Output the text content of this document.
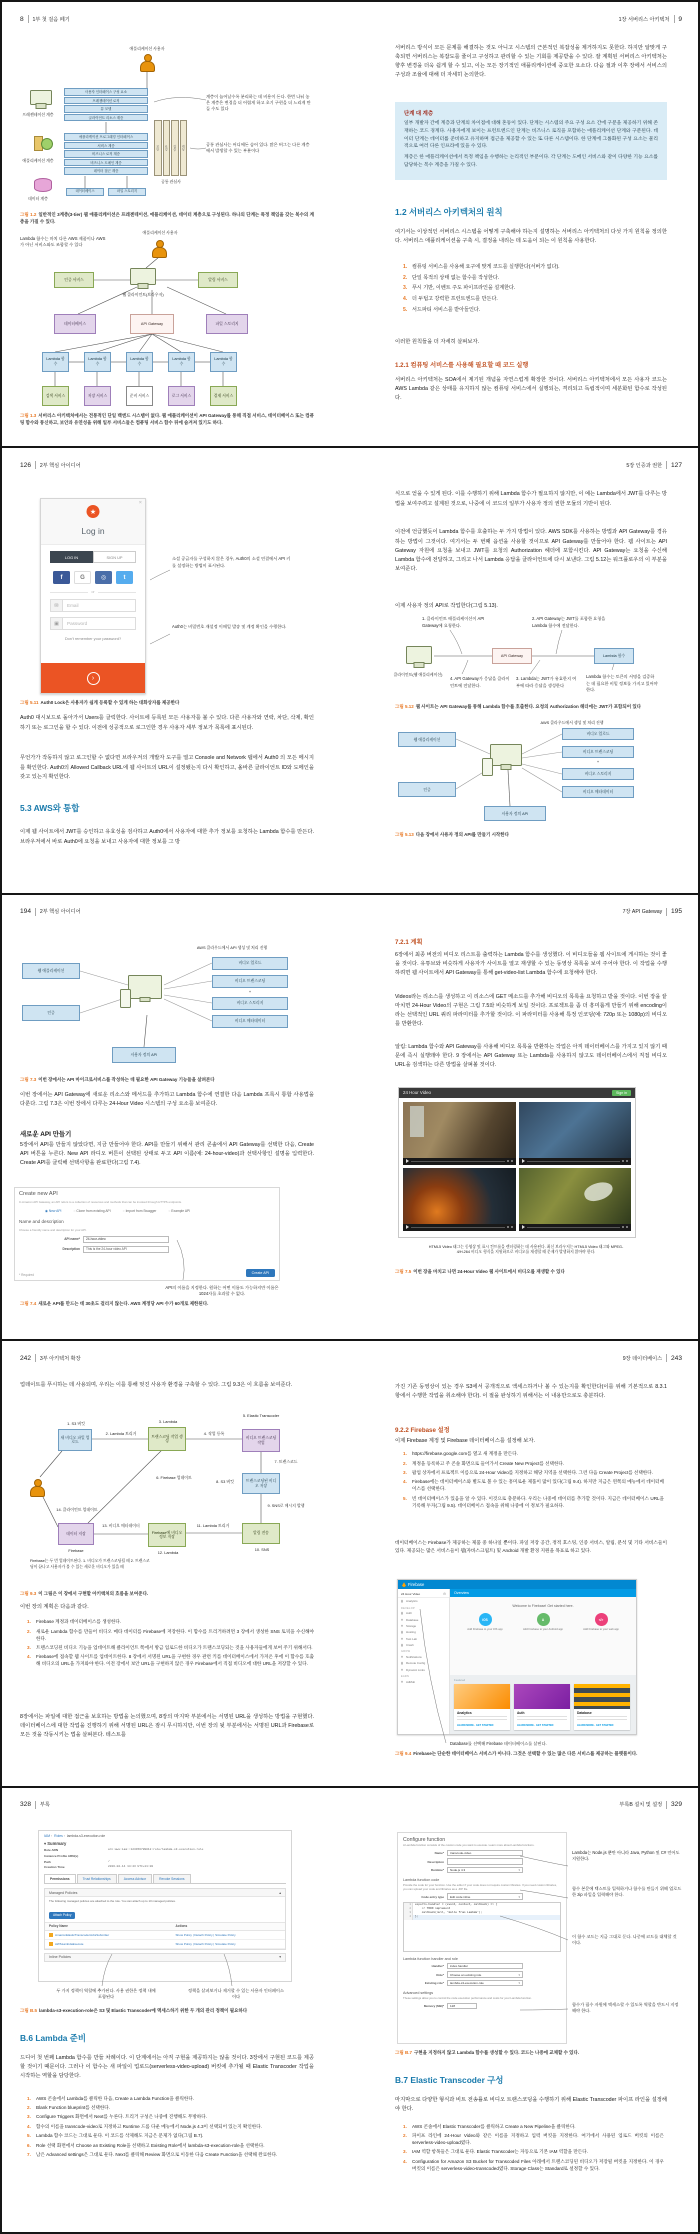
8 1부 첫 걸음 떼기
애플리케이션 사용자
프레젠테이션 계층
사용자 인터페이스 구성 요소
프레젠테이션 로직
뷰 모델
클라이언트 리소스 계층
애플리케이션 계층
애플리케이션 프로그래밍 인터페이스
서비스 계층
비즈니스 로직 계층
비즈니스 도메인 계층
데이터 접근 계층
보안	로깅	검증	캐싱
공통 관심사
데이터 계층
데이터베이스	파일 스토리지
계층이 늘어날수록 분리하는 데 비용이 든다. 한번 나눠 놓은 계층은 변경을 더 어렵게 하고 초기 구현을 더 느리게 만들 수도 있다
공통 관심사는 어디에든 숨어 있다. 많은 버그는 다른 계층에서 발생할 수 있는 부분이다
그림 1.2 일반적인 3계층(3-tier) 웹 애플리케이션은 프레젠테이션, 애플리케이션, 데이터 계층으로 구성된다. 하나의 단계는 특정 책임을 갖는 복수의 계층을 가질 수 있다.
Lambda 함수는 마치 다른 AWS 제품이나 AWS가 아닌 서비스와도 조합할 수 있다
애플리케이션 사용자
인증 서비스
웹 클라이언트(브라우저)
알림 서비스
데이터베이스	API Gateway	파일 스토리지
Lambda 함수
Lambda 함수
Lambda 함수
Lambda 함수
Lambda 함수
검색 서비스	저장 서비스	준비 서비스	로그 서비스	결제 서비스
그림 1.3 서버리스 아키텍처에서는 전통적인 단일 백엔드 시스템이 없다. 웹 애플리케이션이 API Gateway를 통해 직접 서비스, 데이터베이스 또는 컴퓨팅 함수와 통신하고, 보안과 유연성을 위해 일부 서비스들은 컴퓨팅 서비스 함수 뒤에 숨겨져 있기도 하다.
1장 서버리스 아키텍처 9

서버리스 방식이 모든 문제를 해결하는 것도 아니고 시스템의 근본적인 복잡성을 제거하지도 못한다. 하지만 알맞게 구축되면 서버리스는 복잡도를 줄이고 구성하고 관리할 수 있는 기회를 제공받을 수 있다. 잘 계획된 서버리스 아키텍처는 향후 변경을 더욱 쉽게 할 수 있고, 이는 모든 장기적인 애플리케이션에 중요한 요소다. 다음 절과 이후 장에서 서비스의 구성과 조율에 대해 더 자세히 논의한다.

단계 대 계층

일부 개발자 간에 계층과 단계의 차이점에 대해 혼동이 있다. 단계는 시스템의 주요 구성 요소 간에 구분을 제공하기 위해 존재하는 코드 경계다. 사용자에게 보이는 프런트엔드인 단계는 비즈니스 로직을 포함하는 애플리케이션 단계와 구분된다. 데이터 단계는 데이터를 준비하고 유지하며 접근을 제공할 수 있는 또 다른 시스템이다. 한 단계에 그룹화된 구성 요소는 물리적으로 여러 다른 인프라에 있을 수 있다.

계층은 한 애플리케이션에서 특정 책임을 수행하는 논리적인 부분이다. 각 단계는 도메인 서비스와 같이 다양한 기능 요소를 담당하는 복수 계층을 가질 수 있다.

1.2 서버리스 아키텍처의 원칙

여기서는 이상적인 서버리스 시스템을 어떻게 구축해야 하는지 설명하는 서버리스 아키텍처의 다섯 가지 원칙을 정의한다. 서버리스 애플리케이션을 구축 시, 결정을 내리는 데 도움이 되는 이 원칙을 사용한다.

컴퓨팅 서비스를 사용해 요구에 맞게 코드를 실행한다(서버가 없다).
단일 목적의 상태 없는 함수를 작성한다.
푸시 기반, 이벤트 주도 파이프라인을 설계한다.
더 두텁고 강력한 프런트엔드를 만든다.
서드파티 서비스를 받아들인다.

이러한 원칙들을 더 자세히 살펴보자.

1.2.1 컴퓨팅 서비스를 사용해 필요할 때 코드 실행

서버리스 아키텍처는 SOA에서 제기된 개념을 자연스럽게 확장한 것이다. 서버리스 아키텍처에서 모든 사용자 코드는 AWS Lambda 같은 상태를 유지하지 않는 컴퓨팅 서비스에서 실행되는, 격리되고 독립적이며 세분화된 함수로 작성된다.

126 2부 핵심 아이디어
★
×
Log in
LOG IN	SIGN UP
f	G	◎	t
or
✉	Email
▣	Password
Don't remember your password?
›
소셜 공급자를 구성하지 않은 경우, Auth0의 소셜 연결에서 API 키를 설정하는 방법이 표시된다.
Auth0는 비밀번호 재설정 이메일 발송 및 계정 확인을 수행한다.
그림 5.11 Auth0 Lock은 사용자가 쉽게 등록할 수 있게 하는 대화상자를 제공한다

Auth0 대시보드로 돌아가서 Users를 클릭한다. 사이트에 등록된 모든 사용자를 볼 수 있다. 다른 사용자와 연락, 차단, 삭제, 확인하기 또는 로그인을 할 수 있다. 이전에 성공적으로 로그인한 경우 사용자 세부 정보가 목록에 표시된다.

무언가가 작동하지 않고 로그인할 수 없다면 브라우저의 개발자 도구를 열고 Console and Network 탭에서 Auth0 의 모든 메시지를 확인한다. Auth0의 Allowed Callback URL에 웹 사이트의 URL이 설정됐는지 다시 확인하고, 올바른 클라이언트 ID와 도메인을 갖고 있는지 확인한다.

5.3 AWS와 통합

이제 웹 사이트에서 JWT를 승인하고 유효성을 검사하고 Auth0에서 사용자에 대한 추가 정보를 요청하는 Lambda 함수를 만든다. 브라우저에서 바로 Auth0에 요청을 보내고 사용자에 대한 정보를 그 방

5장 인증과 권한 127

식으로 얻을 수 있게 된다. 이를 수행하기 위해 Lambda 함수가 필요하지 않지만, 이 예는 Lambda에서 JWT를 다루는 방법을 보여주려고 설계된 것으로, 나중에 이 코드의 일부가 사용자 정의 권한 모듈의 기반이 된다.

이전에 언급했듯이 Lambda 함수를 호출하는 두 가지 방법이 있다. AWS SDK를 사용하는 방법과 API Gateway를 경유하는 방법이 그것이다. 여기서는 두 번째 옵션을 사용할 것이므로 API Gateway를 만들어야 한다. 웹 사이트는 API Gateway 자원에 요청을 보내고 JWT를 요청의 Authorization 헤더에 포함시킨다. API Gateway는 요청을 수신해 Lambda 함수에 전달하고, 그리고 나서 Lambda 응답을 클라이언트에 다시 보낸다. 그림 5.12는 워크플로우의 이 부분을 보여준다.

이제 사용자 정의 API로 작업한다(그림 5.13).

1. 클라이언트 애플리케이션이 API Gateway에 요청한다.
2. API Gateway는 JWT를 포함한 요청을 Lambda 함수에 전달한다.
클라이언트(웹 애플리케이션)
API Gateway	Lambda 함수
4. API Gateway가 응답을 클라이언트에 전달한다.
3. Lambda는 JWT가 유효한지 여부에 따라 응답을 생성한다
Lambda 함수는 토큰의 서명을 검증하는 데 필요한 비밀 정보를 가지고 있어야 한다.
그림 5.12 웹 사이트는 API Gateway를 통해 Lambda 함수를 호출한다. 요청의 Authorization 헤더에는 JWT가 포함되어 있다
AWS 클라우드에서 생성 및 처리 진행
웹 애플리케이션
인증
비디오 업로드
비디오 트랜스코딩
+
비디오 스토리지
비디오 메타데이터
사용자 정의 API
그림 5.13 다음 장에서 사용자 정의 API를 만들기 시작한다
194 2부 핵심 아이디어
AWS 클라우드에서 API 생성 및 처리 진행
웹 애플리케이션
인증
비디오 업로드
비디오 트랜스코딩
+
비디오 스토리지
비디오 메타데이터
사용자 정의 API
그림 7.3 이번 장에서는 API 마이크로서비스를 작성하는 데 필요한 API Gateway 기능들을 살펴본다

이번 장에서는 API Gateway에 새로운 리소스와 메서드를 추가하고 Lambda 함수에 연결한 다음 Lambda 프록시 통합 사용법을 다룬다. 그림 7.3은 이번 장에서 다루는 24-Hour Video 시스템의 구성 요소를 보여준다.

새로운 API 만들기

5장에서 API를 만들지 않았다면, 지금 만들어야 한다. API를 만들기 위해서 관리 콘솔에서 API Gateway를 선택한 다음, Create API 버튼을 누른다. New API 라디오 버튼이 선택된 상태로 두고 API 이름(예: 24-hour-video)과 선택사항인 설명을 입력한다. Create API를 클릭해 선택사항을 완료한다(그림 7.4).

Create new API
In Amazon API Gateway, an API refers to a collection of resources and methods that can be invoked through HTTPS endpoints.
◉ New API	○ Clone from existing API	○ Import from Swagger	○ Example API
Name and description
Choose a friendly name and description for your API.
API name*	24-hour-video
Description	This is the 24-hour video API
* Required	Create API
API의 이름을 지정한다. 원하는 어떤 이름도 가능하지만 이름은 1024자를 초과할 수 없다.
그림 7.4 새로운 API를 만드는 데 30초도 걸리지 않는다. AWS 계정당 API 수가 60개로 제한된다.
7장 API Gateway 195
7.2.1 계획

6장에서 최종 버전의 비디오 리스트를 출력하는 Lambda 함수를 생성했다. 이 비디오들을 웹 사이트에 게시하는 것이 좋을 것이다. 유튜브와 비슷하게 사용자가 사이트를 열고 재생할 수 있는 동영상 목록을 보여 주어야 한다. 이 작업을 수행하려면 웹 사이트에서 API Gateway를 통해 get-video-list Lambda 함수에 요청해야 한다.

Videos라는 리소스를 생성하고 이 리소스에 GET 메소드를 추가해 비디오의 목록을 요청하고 받을 것이다. 이번 장을 끝마치면 24-Hour Video의 구현은 그림 7.5와 비슷하게 보일 것이다. 프로젝트를 좀 더 흥미롭게 만들기 위해 encoding이라는 선택적인 URL 쿼리 파라미터를 추가할 것이다. 이 파라미터를 사용해 특정 인코딩(예: 720p 또는 1080p)의 비디오를 반환한다.

알림: Lambda 함수와 API Gateway를 사용해 비디오 목록을 반환하는 작업은 아직 데이터베이스를 가지고 있지 않기 때문에 즉시 실행돼야 한다. 9 장에서는 API Gateway 또는 Lambda를 사용하지 않고도 데이터베이스에서 직접 비디오 URL을 검색하는 다른 방법을 살펴볼 것이다.

24 Hour Video	Sign in
HTML5 Video 태그는 동영상 및 표시 컨트롤을 렌더링하는 데 사용된다. 최신 브라우저는 HTML5 Video 태그와 MPEG-4/H.264 비디오 형식을 지원하므로 비디오를 재생할 때 문제가 발생하지 않아야 한다.
그림 7.5 이번 장을 마치고 나면 24-Hour Video 웹 사이트에서 비디오를 재생할 수 있다
242 3부 아키텍처 확장

업데이트를 푸시하는 데 사용되며, 우리는 이를 통해 멋진 사용자 환경을 구축할 수 있다. 그림 9.3은 이 흐름을 보여준다.

1. S3 버킷
새 비디오 파일 업로드
2. Lambda 트리거
3. Lambda
트랜스코딩 작업 생성
4. 작업 등록
5. Elastic Transcoder
비디오 트랜스코딩 작업
7. 트랜스코드
트랜스코딩된 비디오 저장
8. S3 버킷
9. SNS로 메시지 발행
알림 전송
10. SNS
11. Lambda 트리거
Firebase에 비디오 정보 저장
12. Lambda
13. 비디오 메타데이터
데이터 저장
Firebase
6. Firebase 업데이트
14. 클라이언트 업데이트
Firebase는 두 번 업데이트된다. 1. 비디오가 트랜스코딩될 때 2. 트랜스코딩이 끝나고 사용자가 볼 수 있는 새로운 비디오가 있을 때
그림 9.3 이 그림은 이 장에서 구현할 아키텍처의 흐름을 보여준다.

이번 장의 계획은 다음과 같다.

Firebase 계정과 데이터베이스를 생성한다.
새로운 Lambda 함수를 만들어 비디오 메타 데이터를 Firebase에 저장한다. 이 함수를 트리거하려면 3 장에서 생성한 SNS 토픽을 수신해야 한다.
트랜스코딩된 비디오 기능을 업데이트해 클라이언트 쪽에서 방금 업로드한 비디오가 트랜스코딩되는 것을 사용자들에게 보여 주기 위해서다.
Firebase에 접속할 웹 사이트를 업데이트한다. 8 장에서 서명된 URL을 구현한 경우 관련 키를 데이터베이스에서 가져온 후에 이 함수를 호출해 비디오의 URL을 가져와야 한다. 이전 장에서 보안 URL을 구현하지 않은 경우 Firebase에서 직접 비디오에 대한 URL을 저장할 수 있다.

8장에서는 파일에 대한 접근을 보호하는 방법을 논의했으며, 8장의 마지막 부분에서는 서명된 URL을 생성하는 방법을 구현했다. 데이터베이스에 대한 작업을 진행하기 위해 서명된 URL은 잠시 무시하지만, 이번 장의 뒷 부분에서는 서명된 URL과 Firebase로 모든 것을 작동시키는 법을 살펴본다. 테스트를

9장 데이터베이스 243

가진 기존 동영상이 있는 경우 S3에서 공개적으로 액세스하거나 볼 수 있는지를 확인한다(이를 위해 기본적으로 8.3.1 항에서 수행한 작업을 취소해야 한다). 이 절을 완성하기 위해서는 이 내용만으로도 충분하다.

9.2.2 Firebase 설정

이제 Firebase 계정 및 Firebase 데이터베이스를 설정해 보자.

https://firebase.google.com를 열고 새 계정을 만든다.
계정을 등록하고 주 콘솔 화면으로 들어가서 Create New Project를 선택한다.
팝업 상자에서 프로젝트 이름으로 24-Hour Video를 지정하고 해당 지역을 선택한다. 그런 다음 Create Project를 선택한다.
Firebase에는 데이터베이스와 별도로 볼 수 있는 흥미로운 제품이 많이 있다(그림 9.4). 하지만 지금은 왼쪽의 메뉴에서 데이터베이스를 선택한다.
빈 데이터베이스가 있음을 알 수 있다. 이것으로 충분하다. 우리는 나중에 데이터를 추가할 것이다. 지금은 데이터베이스 URL을 기록해 두자(그림 9.5). 데이터베이스 접속을 위해 나중에 이 정보가 필요하다.

데이터베이스는 Firebase가 제공하는 제품 중 하나일 뿐이다. 파일 저장 공간, 정적 호스팅, 인증 서비스, 알림, 분석 및 기타 서비스들이 있다. 제공되는 많은 서비스들이 웹(자바스크립트) 및 Android 개발 환경 지원을 목표로 하고 있다.

Firebase
24 Hour Video	⚙
Analytics
DEVELOP
Auth
Database
Storage
Hosting
Test Lab
Crash
GROW
Notifications
Remote Config
Dynamic Links
EARN
AdMob
Overview
Welcome to Firebase! Get started here.
iOS
Add Firebase to your iOS app
A
Add Firebase to your Android app
</>
Add Firebase to your web app
Featured
Analytics
LEARN MORE · GET STARTED
Auth
LEARN MORE · GET STARTED
Database
LEARN MORE · GET STARTED
Database를 선택해 Firebase 데이터베이스를 살핀다.
그림 9.4 Firebase는 단순한 데이터베이스 서비스가 아니다. 그것은 선택할 수 있는 많은 다른 서비스를 제공하는 플랫폼이다.
328 부록
IAM› Roles› lambda-s3-execution-role
▾ Summary
Role ARN	arn:aws:iam::123456789012:role/lambda-s3-execution-role
Instance Profile ARN(s)
Path	/
Creation Time	2016-02-14 14:43 UTC+11:00
Permissions	Trust Relationships	Access Advisor	Revoke Sessions
Managed Policies	▴
The following managed policies are attached to the role. You can attach up to 10 managed policies.
Attach Policy
Policy Name	Actions
AmazonElasticTranscoderJobsSubmitter	Show Policy | Detach Policy | Simulate Policy
AWSLambdaExecute	Show Policy | Detach Policy | Simulate Policy
Inline Policies	▾
두 가지 정책이 역할에 추가된다. 사용 권한은 정책 내에 포함된다
정책을 살펴보거나 제거할 수 있는 사용자 인터페이스이다
그림 B.5 lambda-s3-execution-role은 S3 및 Elastic Transcoder에 액세스하기 위한 두 개의 관리 정책이 필요하다
B.6 Lambda 준비

드디어 첫 번째 Lambda 함수를 만들 차례이다. 이 단계에서는 아직 구현을 제공하지는 않을 것이다. 3장에서 구현된 코드를 제공할 것이기 때문이다. 그러나 이 함수는 새 파일이 업로드(serverless-video-upload) 버킷에 추가될 때 Elastic Transcoder 작업을 시작하는 역할을 담당한다.

AWS 콘솔에서 Lambda를 클릭한 다음, Create a Lambda Function을 클릭한다.
Blank Function blueprint를 선택한다.
Configure Triggers 화면에서 Next를 누른다. 트리거 구성은 나중에 진행해도 무방하다.
함수의 이름을 transcode-video로 지정하고 Runtime 드롭 다운 메뉴에서 Node.js 4.3이 선택되어 있는지 확인한다.
Lambda 함수 코드는 그대로 둔다. 이 코드를 삭제해도 지금은 문제가 없다(그림 B.7).
Role 선택 화면에서 Choose an Existing Role을 선택하고 Existing Role에서 lambda-s3-execution-role을 선택한다.
남은 Advanced settings은 그대로 둔다. Next를 클릭해 Review 화면으로 이동한 다음 Create Function을 선택해 완료한다.
부록B 설치 및 설정 329
Configure function
A Lambda function consists of the custom code you want to execute. Learn more about Lambda functions.
Name*	transcode-video
Description
Runtime*	Node.js 4.3	▾
Lambda function code
Provide the code for your function. Use the editor if your code does not require custom libraries. If you need custom libraries, you can upload your code and libraries as a .ZIP file.
Code entry type	Edit code inline	▾
exports.handler = (event, context, callback) => {
// TODO implement
callback(null, 'Hello from Lambda');
};
Lambda function handler and role
Handler*	index.handler
Role*	Choose an existing role	▾
Existing role*	lambda-s3-execution-role	▾
Advanced settings
These settings allow you to control the code execution performance and costs for your Lambda function.
Memory (MB)*	128
Lambda는 Node.js 뿐만 아니라 Java, Python 및 C# 언어도 지원한다.
함수 본문에 텍스트를 입력하거나 함수를 만들기 위해 업로드한 zip 파일을 입력해야 한다.
이 함수 코드는 지금 그대로 둔다. 나중에 코드를 대체할 것이다.
함수가 필수 자원에 액세스할 수 있도록 역할을 반드시 지정해야 한다.
그림 B.7 구현을 지정하지 않고 Lambda 함수를 생성할 수 있다. 코드는 나중에 교체할 수 있다.
B.7 Elastic Transcoder 구성

마지막으로 다양한 형식과 비트 전송률로 비디오 트랜스코딩을 수행하기 위해 Elastic Transcoder 파이프 라인을 설정해야 한다.

AWS 콘솔에서 Elastic Transcoder를 클릭하고 Create a New Pipeline을 클릭한다.
파이프 라인에 24-Hour Video와 같은 이름을 지정하고 입력 버킷을 지정한다. 여기에서 사용된 업로드 버킷의 이름은 serverless-video-upload였다.
IAM 역할 항목들은 그대로 둔다. Elastic Transcoder는 자동으로 기본 IAM 역할을 만든다.
Configuration for Amazon S3 Bucket for Transcoded Files 아래에서 트랜스코딩된 비디오가 저장될 버킷을 지정한다. 이 경우 버킷의 이름은 serverless-video-transcoded였다. Storage Class는 Standard로 설정할 수 있다.
